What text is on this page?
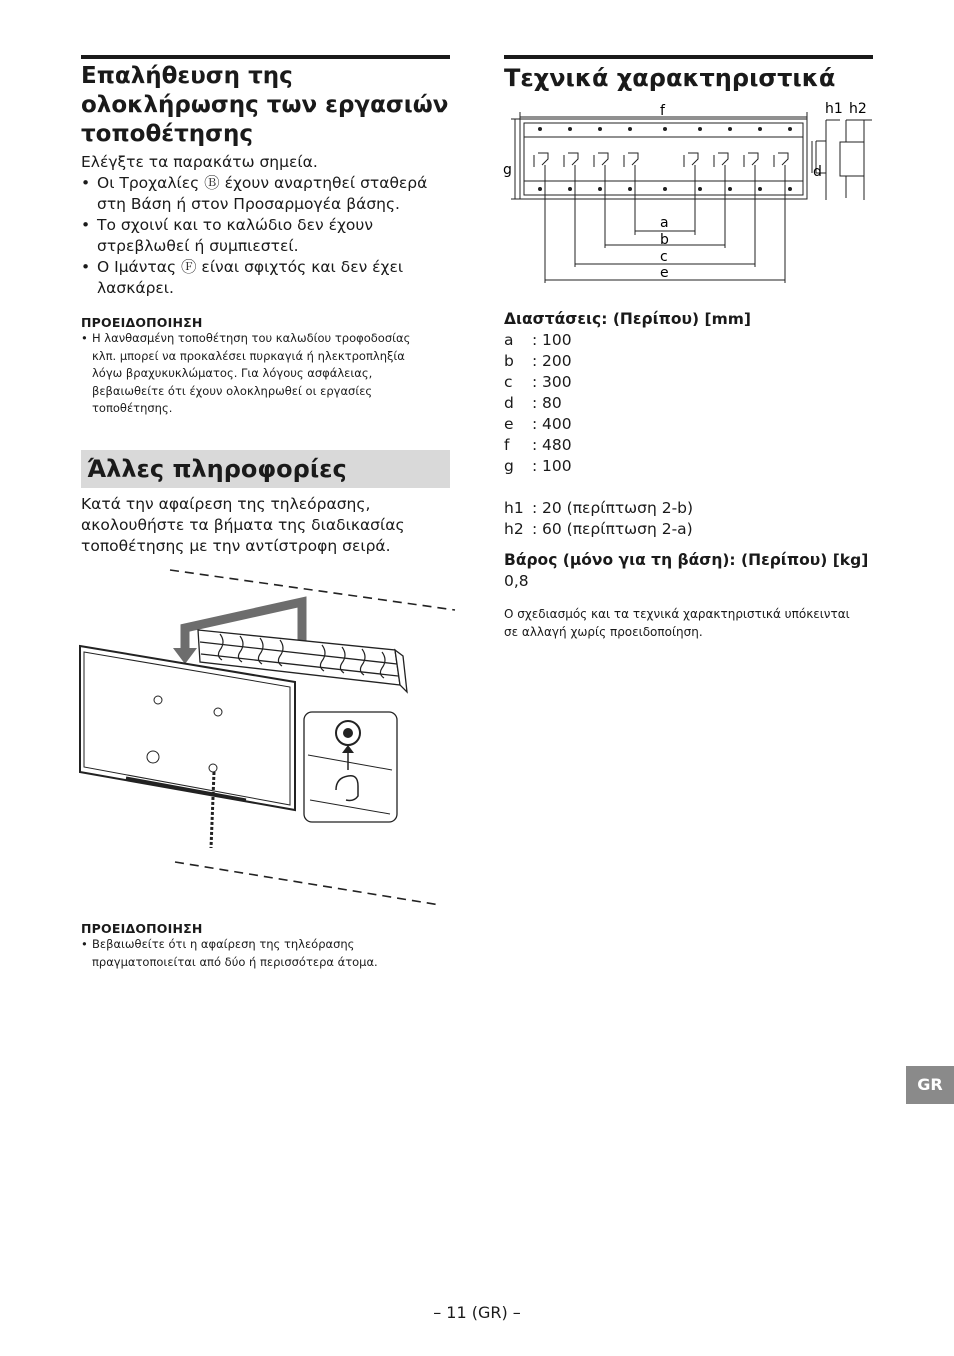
Επαλήθευση της
ολοκλήρωσης των εργασιών
τοποθέτησης
Ελέγξτε τα παρακάτω σημεία.
• Οι Τροχαλίες Ⓑ έχουν αναρτηθεί σταθερά
στη Βάση ή στον Προσαρμογέα βάσης.
• Το σχοινί και το καλώδιο δεν έχουν
στρεβλωθεί ή συμπιεστεί.
• Ο Ιμάντας Ⓕ είναι σφιχτός και δεν έχει
λασκάρει.
ΠΡΟΕΙΔΟΠΟΙΗΣΗ
• Η λανθασμένη τοποθέτηση του καλωδίου τροφοδοσίας
κλπ. μπορεί να προκαλέσει πυρκαγιά ή ηλεκτροπληξία
λόγω βραχυκυκλώματος. Για λόγους ασφάλειας,
βεβαιωθείτε ότι έχουν ολοκληρωθεί οι εργασίες
τοποθέτησης.
Άλλες πληροφορίες
Κατά την αφαίρεση της τηλεόρασης,
ακολουθήστε τα βήματα της διαδικασίας
τοποθέτησης με την αντίστροφη σειρά.
ΠΡΟΕΙΔΟΠΟΙΗΣΗ
• Βεβαιωθείτε ότι η αφαίρεση της τηλεόρασης
πραγματοποιείται από δύο ή περισσότερα άτομα.
Τεχνικά χαρακτηριστικά
f	h1 h2
g	d
a
b
c
e
Διαστάσεις: (Περίπου) [mm]
a	: 100
b	: 200
c	: 300
d	: 80
e	: 400
f	: 480
g	: 100
h1 : 20 (περίπτωση 2-b)
h2 : 60 (περίπτωση 2-a)
Βάρος (μόνο για τη βάση): (Περίπου) [kg]
0,8
Ο σχεδιασμός και τα τεχνικά χαρακτηριστικά υπόκεινται
σε αλλαγή χωρίς προειδοποίηση.
GR
– 11 (GR) –
